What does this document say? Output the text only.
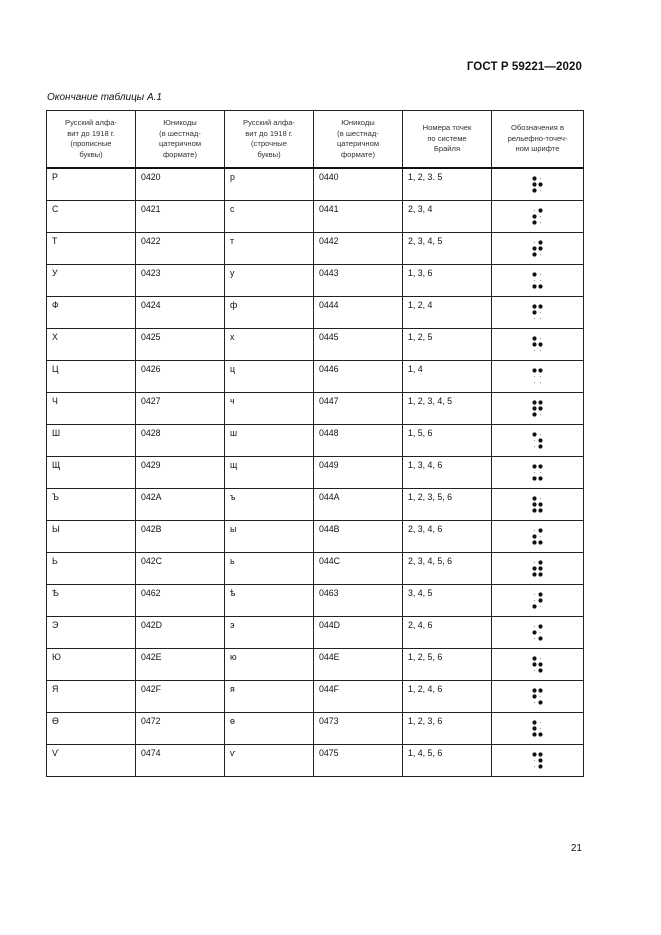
ГОСТ Р 59221—2020
Окончание таблицы А.1
Русский алфа-
вит до 1918 г.
(прописные
буквы)	Юникоды
(в шестнад-
цатеричном
формате)	Русский алфа-
вит до 1918 г.
(строчные
буквы)	Юникоды
(в шестнад-
цатеричном
формате)	Номера точек
по системе
Брайля	Обозначения в
рельефно-точеч-
ном шрифте
Р	0420	р	0440	1, 2, 3. 5	

С	0421	с	0441	2, 3, 4	

Т	0422	т	0442	2, 3, 4, 5	

У	0423	у	0443	1, 3, 6	

Ф	0424	ф	0444	1, 2, 4	

Х	0425	х	0445	1, 2, 5	

Ц	0426	ц	0446	1, 4	

Ч	0427	ч	0447	1, 2, 3, 4, 5	

Ш	0428	ш	0448	1, 5, 6	

Щ	0429	щ	0449	1, 3, 4, 6	

Ъ	042A	ъ	044A	1, 2, 3, 5, 6	

Ы	042B	ы	044B	2, 3, 4, 6	

Ь	042C	ь	044C	2, 3, 4, 5, 6	

Ѣ	0462	ѣ	0463	3, 4, 5	

Э	042D	э	044D	2, 4, 6	

Ю	042E	ю	044E	1, 2, 5, 6	

Я	042F	я	044F	1, 2, 4, 6	

Ѳ	0472	ѳ	0473	1, 2, 3, 6	

Ѵ	0474	ѵ	0475	1, 4, 5, 6	
21
